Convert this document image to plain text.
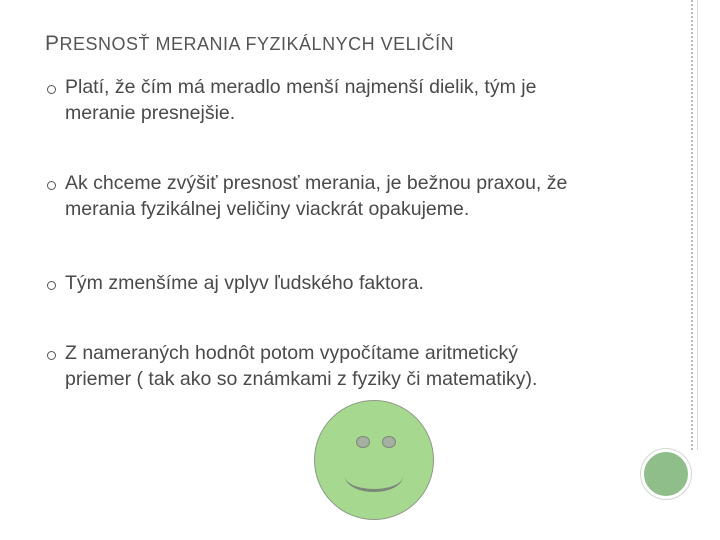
PRESNOSŤ MERANIA FYZIKÁLNYCH VELIČÍN
Platí, že čím má meradlo menší najmenší dielik, tým je
meranie presnejšie.
Ak chceme zvýšiť presnosť merania, je bežnou praxou, že
merania fyzikálnej veličiny viackrát opakujeme.
Tým zmenšíme aj vplyv ľudského faktora.
Z nameraných hodnôt potom vypočítame aritmetický
priemer ( tak ako so známkami z fyziky či matematiky).
